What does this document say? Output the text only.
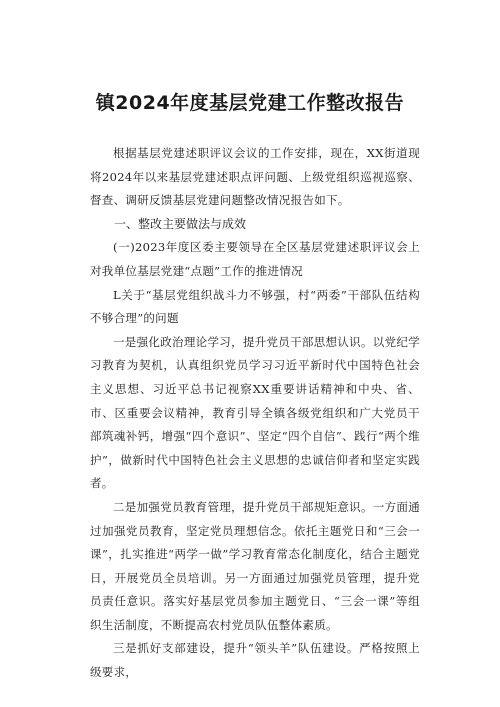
镇2024年度基层党建工作整改报告

根据基层党建述职评议会议的工作安排，现在，XX街道现将2024年以来基层党建述职点评问题、上级党组织巡视巡察、督查、调研反馈基层党建问题整改情况报告如下。

一、整改主要做法与成效

(一)2023年度区委主要领导在全区基层党建述职评议会上对我单位基层党建“点题”工作的推进情况

L关于“基层党组织战斗力不够强，村“两委”干部队伍结构不够合理”的问题

一是强化政治理论学习，提升党员干部思想认识。以党纪学习教育为契机，认真组织党员学习习近平新时代中国特色社会主义思想、习近平总书记视察XX重要讲话精神和中央、省、市、区重要会议精神，教育引导全镇各级党组织和广大党员干部筑魂补钙，增强“四个意识”、坚定“四个自信”、践行“两个维护”，做新时代中国特色社会主义思想的忠诚信仰者和坚定实践者。

二是加强党员教育管理，提升党员干部规矩意识。一方面通过加强党员教育，坚定党员理想信念。依托主题党日和“三会一课”，扎实推进“两学一做”学习教育常态化制度化，结合主题党日，开展党员全员培训。另一方面通过加强党员管理，提升党员责任意识。落实好基层党员参加主题党日、“三会一课”等组织生活制度，不断提高农村党员队伍整体素质。

三是抓好支部建设，提升“领头羊”队伍建设。严格按照上级要求，
